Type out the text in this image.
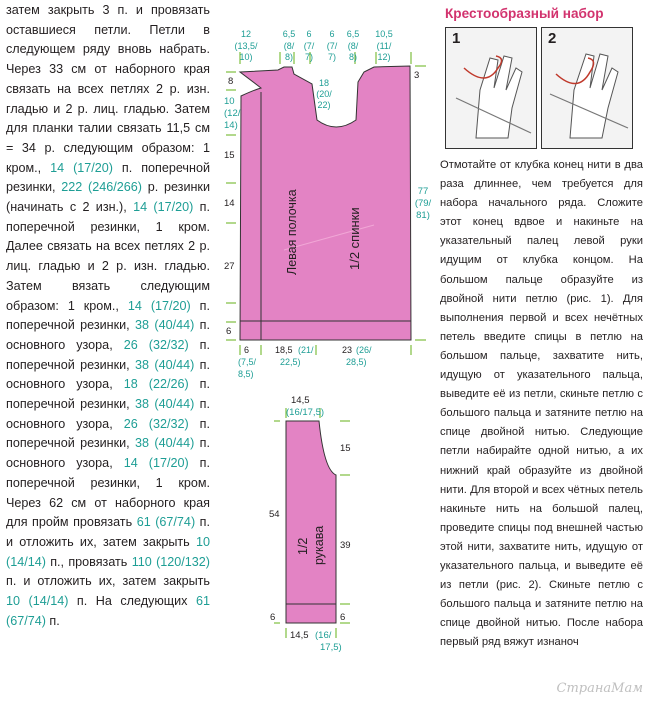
затем закрыть 3 п. и провязать оставшиеся петли. Петли в следующем ряду вновь набрать. Через 33 см от наборного края связать на всех петлях 2 р. изн. гладью и 2 р. лиц. гладью. Затем для планки талии связать 11,5 см = 34 р. следующим образом: 1 кром., 14 (17/20) п. поперечной резинки, 222 (246/266) р. резинки (начинать с 2 изн.), 14 (17/20) п. поперечной резинки, 1 кром. Далее связать на всех петлях 2 р. лиц. гладью и 2 р. изн. гладью. Затем вязать следующим образом: 1 кром., 14 (17/20) п. поперечной резинки, 38 (40/44) п. основного узора, 26 (32/32) п. поперечной резинки, 38 (40/44) п. основного узора, 18 (22/26) п. поперечной резинки, 38 (40/44) п. основного узора, 26 (32/32) п. поперечной резинки, 38 (40/44) п. основного узора, 14 (17/20) п. поперечной резинки, 1 кром. Через 62 см от наборного края для пройм провязать 61 (67/74) п. и отложить их, затем закрыть 10 (14/14) п., провязать 110 (120/132) п. и отложить их, затем закрыть 10 (14/14) п. На следующих 61 (67/74) п.

12
(13,5/
10)
6,5
(8/
8)
6
(7/
7)
6
(7/
7)
6,5
(8/
8)
10,5
(11/
12)
18
(20/
22)
8
10
(12/
14)
15
14
27
6
3
77
(79/
81)
Левая полочка	1/2 спинки
6
(7,5/
8,5)
18,5 (21/
22,5)
23 (26/
28,5)
14,5
(16/17,5)
15
54
39
6	6
14,5 (16/
17,5)
1/2 рукава
Крестообразный набор
1	2

Отмотайте от клубка конец нити в два раза длиннее, чем требуется для набора начального ряда. Сложите этот конец вдвое и накиньте на указательный палец левой руки идущим от клубка концом. На большом пальце образуйте из двойной нити петлю (рис. 1). Для выполнения первой и всех нечётных петель введите спицы в петлю на большом пальце, захватите нить, идущую от указательного пальца, выведите её из петли, скиньте петлю с большого пальца и затяните петлю на спице двойной нитью. Следующие петли набирайте одной нитью, а их нижний край образуйте из двойной нити. Для второй и всех чётных петель накиньте нить на большой палец, проведите спицы под внешней частью этой нити, захватите нить, идущую от указательного пальца, и выведите её из петли (рис. 2). Скиньте петлю с большого пальца и затяните петлю на спице двойной нитью. После набора первый ряд вяжут изнаноч

СтранаМам
